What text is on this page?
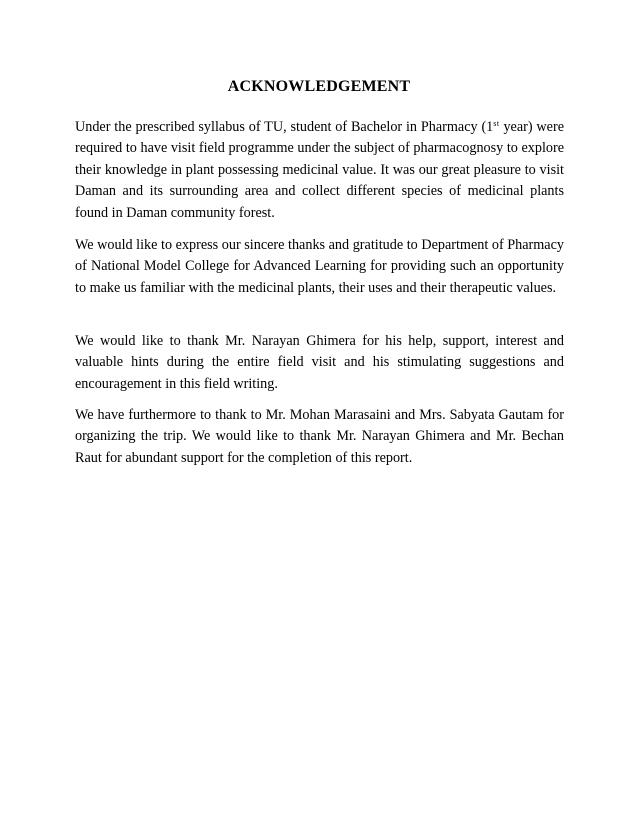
ACKNOWLEDGEMENT

Under the prescribed syllabus of TU, student of Bachelor in Pharmacy (1st year) were required to have visit field programme under the subject of pharmacognosy to explore their knowledge in plant possessing medicinal value. It was our great pleasure to visit Daman and its surrounding area and collect different species of medicinal plants found in Daman community forest.

We would like to express our sincere thanks and gratitude to Department of Pharmacy of National Model College for Advanced Learning for providing such an opportunity to make us familiar with the medicinal plants, their uses and their therapeutic values.

We would like to thank Mr. Narayan Ghimera for his help, support, interest and valuable hints during the entire field visit and his stimulating suggestions and encouragement in this field writing.

We have furthermore to thank to Mr. Mohan Marasaini and Mrs. Sabyata Gautam for organizing the trip. We would like to thank Mr. Narayan Ghimera and Mr. Bechan Raut for abundant support for the completion of this report.
